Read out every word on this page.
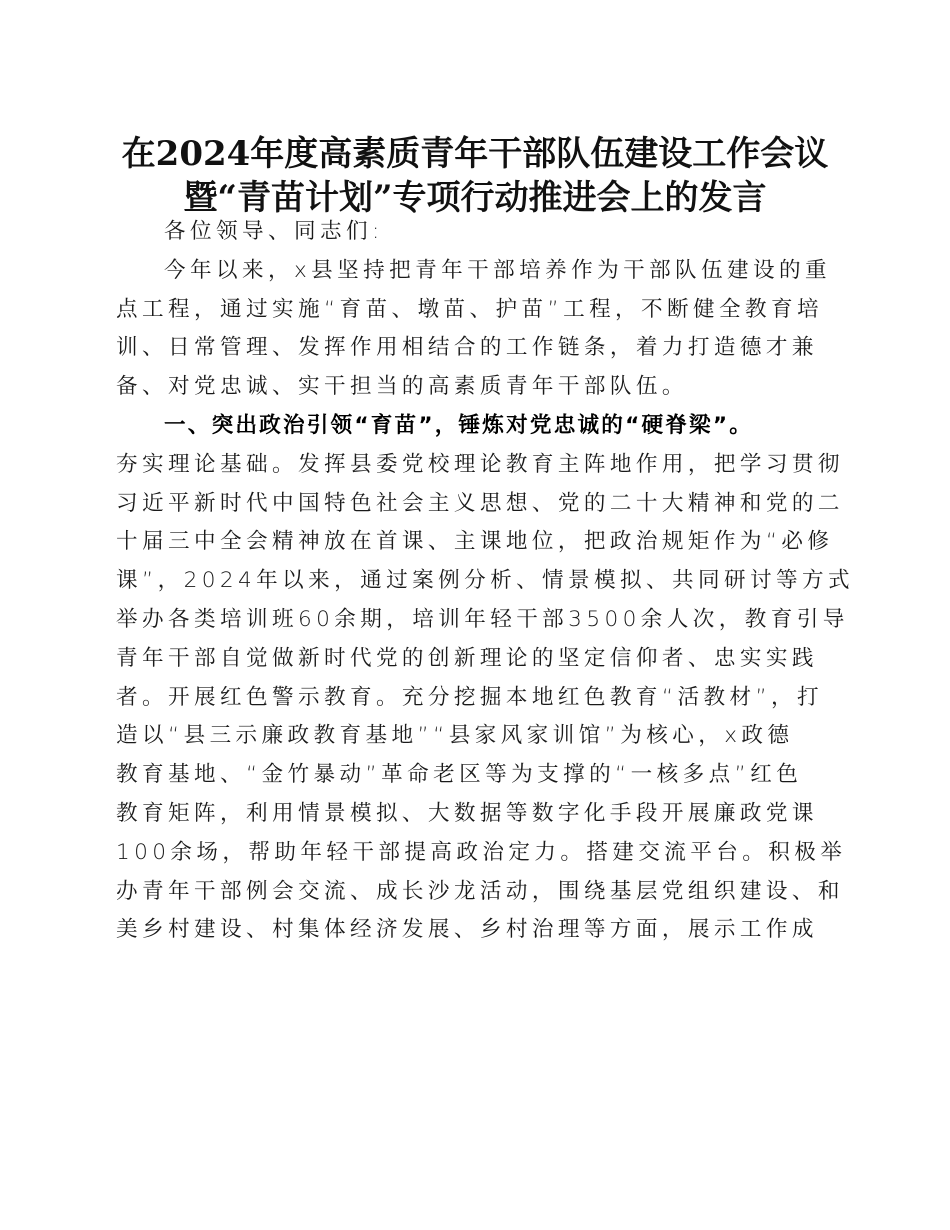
在2024年度高素质青年干部队伍建设工作会议
暨“青苗计划”专项行动推进会上的发言
各位领导、同志们:
今年以来，x县坚持把青年干部培养作为干部队伍建设的重
点工程，通过实施“育苗、墩苗、护苗”工程，不断健全教育培
训、日常管理、发挥作用相结合的工作链条，着力打造德才兼
备、对党忠诚、实干担当的高素质青年干部队伍。
一、突出政治引领“育苗”，锤炼对党忠诚的“硬脊梁”。
夯实理论基础。发挥县委党校理论教育主阵地作用，把学习贯彻
习近平新时代中国特色社会主义思想、党的二十大精神和党的二
十届三中全会精神放在首课、主课地位，把政治规矩作为“必修
课”，2024年以来，通过案例分析、情景模拟、共同研讨等方式
举办各类培训班60余期，培训年轻干部3500余人次，教育引导
青年干部自觉做新时代党的创新理论的坚定信仰者、忠实实践
者。开展红色警示教育。充分挖掘本地红色教育“活教材”，打
造以“县三示廉政教育基地”“县家风家训馆”为核心，x政德
教育基地、“金竹暴动”革命老区等为支撑的“一核多点”红色
教育矩阵，利用情景模拟、大数据等数字化手段开展廉政党课
100余场，帮助年轻干部提高政治定力。搭建交流平台。积极举
办青年干部例会交流、成长沙龙活动，围绕基层党组织建设、和
美乡村建设、村集体经济发展、乡村治理等方面，展示工作成
